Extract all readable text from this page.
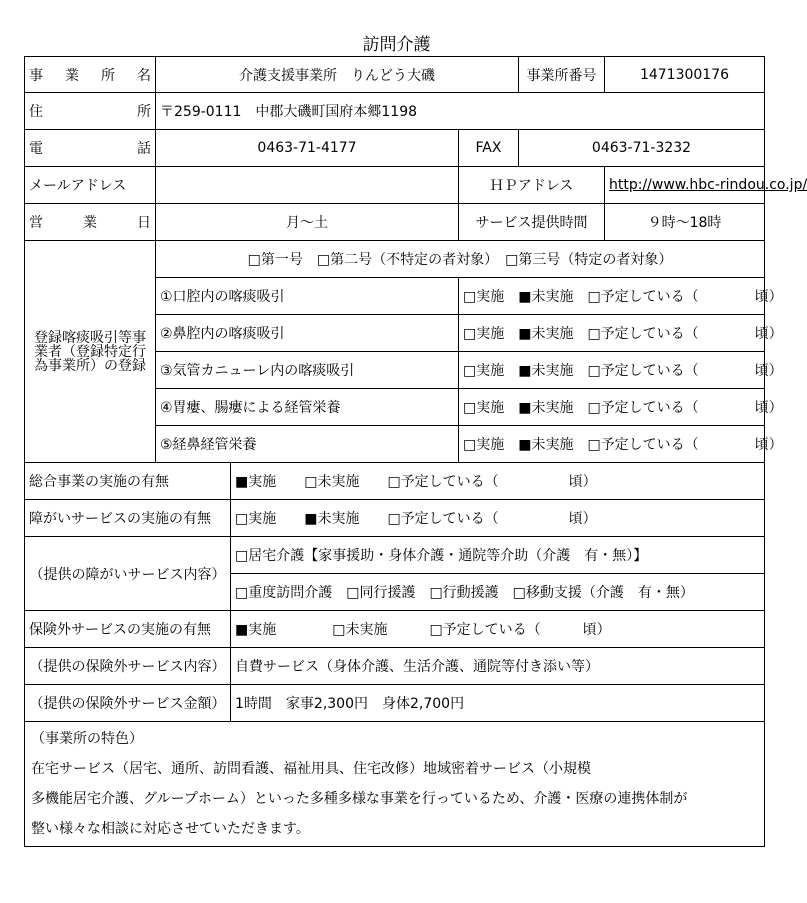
訪問介護
事 業 所 名	介護支援事業所　りんどう大磯			事業所番号	1471300176

住 所	〒259-0111　中郡大磯町国府本郷1198				

電 話	0463-71-4177		FAX	0463-71-3232	
メールアドレス			ＨＰアドレス		http://www.hbc-rindou.co.jp/

営 業 日	月～土		サービス提供時間		９時～18時
登録喀痰吸引等事業者（登録特定行為事業所）の登録	□第一号　□第二号（不特定の者対象）　□第三号（特定の者対象）				
	①口腔内の喀痰吸引		□実施　■未実施　□予定している（　　　　頃）		
	②鼻腔内の喀痰吸引		□実施　■未実施　□予定している（　　　　頃）		
	③気管カニューレ内の喀痰吸引		□実施　■未実施　□予定している（　　　　頃）		
	④胃瘻、腸瘻による経管栄養		□実施　■未実施　□予定している（　　　　頃）		
	⑤経鼻経管栄養		□実施　■未実施　□予定している（　　　　頃）		
総合事業の実施の有無		■実施　　□未実施　　□予定している（　　　　　頃）			
障がいサービスの実施の有無		□実施　　■未実施　　□予定している（　　　　　頃）			
（提供の障がいサービス内容）		□居宅介護【家事援助・身体介護・通院等介助（介護　有・無）】			
		□重度訪問介護　□同行援護　□行動援護　□移動支援（介護　有・無）			
保険外サービスの実施の有無		■実施　　　　□未実施　　　□予定している（　　　頃）			
（提供の保険外サービス内容）		自費サービス（身体介護、生活介護、通院等付き添い等）			
（提供の保険外サービス金額）		1時間　家事2,300円　身体2,700円			

（事業所の特色）
在宅サービス（居宅、通所、訪問看護、福祉用具、住宅改修）地域密着サービス（小規模
多機能居宅介護、グループホーム）といった多種多様な事業を行っているため、介護・医療の連携体制が
整い様々な相談に対応させていただきます。					
